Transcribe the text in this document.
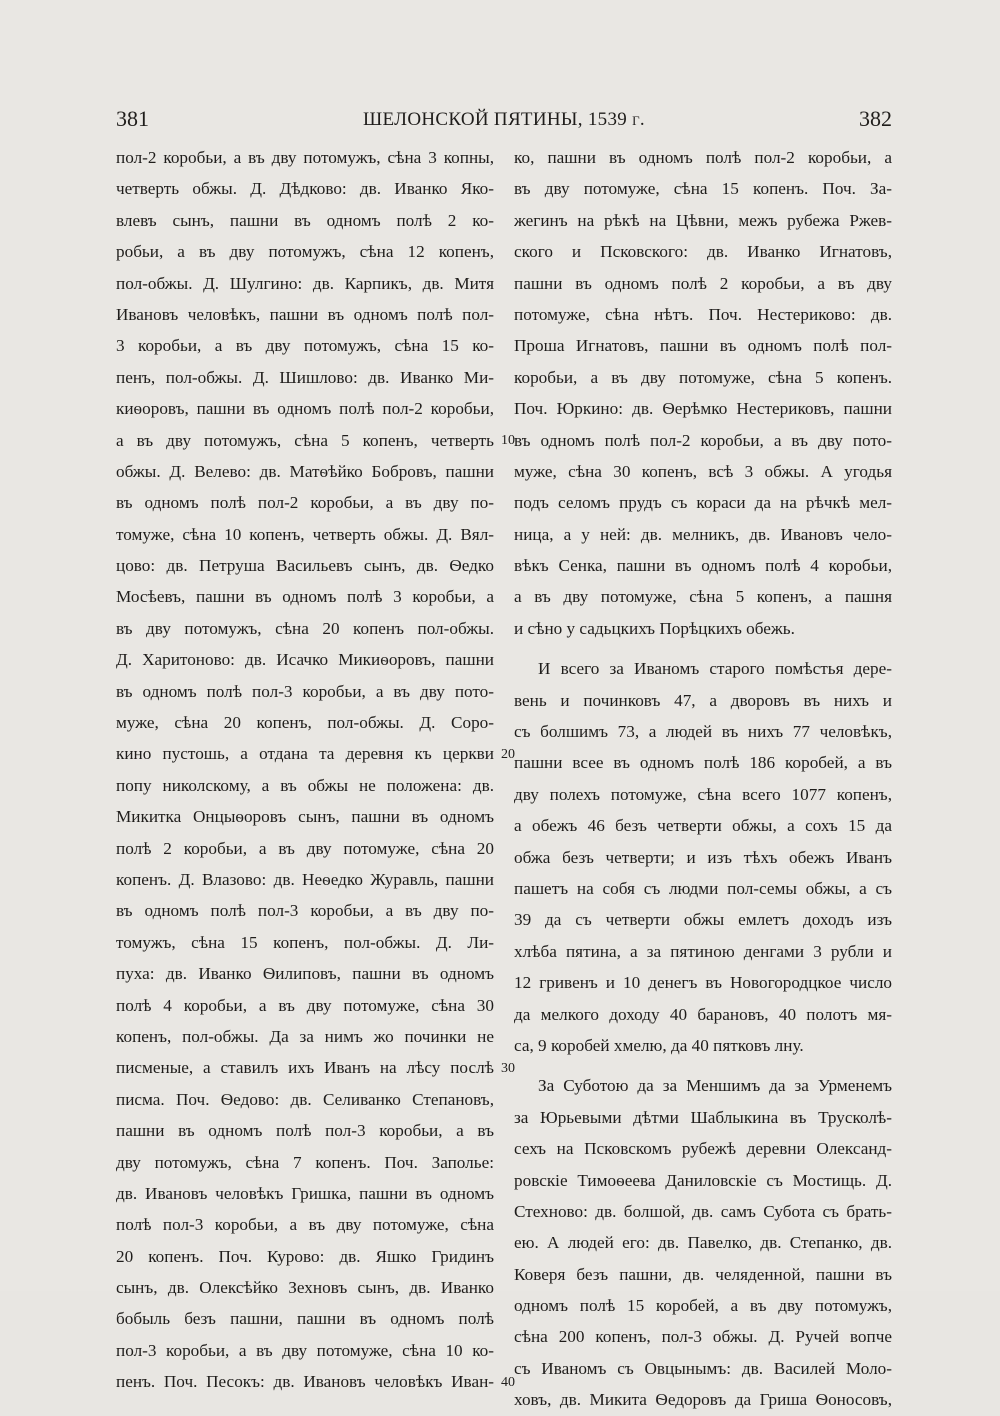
381	ШЕЛОНСКОЙ ПЯТИНЫ, 1539 г.	382
пол-2 коробьи, а въ дву потомужъ, сѣна 3 копны,
четверть обжы. Д. Дѣдково: дв. Иванко Яко-
влевъ сынъ, пашни въ одномъ полѣ 2 ко-
робьи, а въ дву потомужъ, сѣна 12 копенъ,
пол-обжы. Д. Шулгино: дв. Карпикъ, дв. Митя
Ивановъ человѣкъ, пашни въ одномъ полѣ пол-
3 коробьи, а въ дву потомужъ, сѣна 15 ко-
пенъ, пол-обжы. Д. Шишлово: дв. Иванко Ми-
киѳоровъ, пашни въ одномъ полѣ пол-2 коробьи,
а въ дву потомужъ, сѣна 5 копенъ, четверть
обжы. Д. Велево: дв. Матѳѣйко Бобровъ, пашни
въ одномъ полѣ пол-2 коробьи, а въ дву по-
томуже, сѣна 10 копенъ, четверть обжы. Д. Вял-
цово: дв. Петруша Васильевъ сынъ, дв. Ѳедко
Мосѣевъ, пашни въ одномъ полѣ 3 коробьи, а
въ дву потомужъ, сѣна 20 копенъ пол-обжы.
Д. Харитоново: дв. Исачко Микиѳоровъ, пашни
въ одномъ полѣ пол-3 коробьи, а въ дву пото-
муже, сѣна 20 копенъ, пол-обжы. Д. Соро-
кино пустошь, а отдана та деревня къ церкви
попу николскому, а въ обжы не положена: дв.
Микитка Онцыѳоровъ сынъ, пашни въ одномъ
полѣ 2 коробьи, а въ дву потомуже, сѣна 20
копенъ. Д. Влазово: дв. Неѳедко Журавль, пашни
въ одномъ полѣ пол-3 коробьи, а въ дву по-
томужъ, сѣна 15 копенъ, пол-обжы. Д. Ли-
пуха: дв. Иванко Ѳилиповъ, пашни въ одномъ
полѣ 4 коробьи, а въ дву потомуже, сѣна 30
копенъ, пол-обжы. Да за нимъ жо починки не
писменые, а ставилъ ихъ Иванъ на лѣсу послѣ
писма. Поч. Ѳедово: дв. Селиванко Степановъ,
пашни въ одномъ полѣ пол-3 коробьи, а въ
дву потомужъ, сѣна 7 копенъ. Поч. Заполье:
дв. Ивановъ человѣкъ Гришка, пашни въ одномъ
полѣ пол-3 коробьи, а въ дву потомуже, сѣна
20 копенъ. Поч. Курово: дв. Яшко Гридинъ
сынъ, дв. Олексѣйко Зехновъ сынъ, дв. Иванко
бобыль безъ пашни, пашни въ одномъ полѣ
пол-3 коробьи, а въ дву потомуже, сѣна 10 ко-
пенъ. Поч. Песокъ: дв. Ивановъ человѣкъ Иван-
ко, пашни въ одномъ полѣ пол-2 коробьи, а
въ дву потомуже, сѣна 15 копенъ. Поч. За-
жегинъ на рѣкѣ на Цѣвни, межъ рубежа Ржев-
ского и Псковского: дв. Иванко Игнатовъ,
пашни въ одномъ полѣ 2 коробьи, а въ дву
потомуже, сѣна нѣтъ. Поч. Нестериково: дв.
Проша Игнатовъ, пашни въ одномъ полѣ пол-
коробьи, а въ дву потомуже, сѣна 5 копенъ.
Поч. Юркино: дв. Ѳерѣмко Нестериковъ, пашни
въ одномъ полѣ пол-2 коробьи, а въ дву пото-
муже, сѣна 30 копенъ, всѣ 3 обжы. А угодья
подъ селомъ прудъ съ кораси да на рѣчкѣ мел-
ница, а у ней: дв. мелникъ, дв. Ивановъ чело-
вѣкъ Сенка, пашни въ одномъ полѣ 4 коробьи,
а въ дву потомуже, сѣна 5 копенъ, а пашня
и сѣно у садьцкихъ Порѣцкихъ обежь.
И всего за Иваномъ старого помѣстья дере-
вень и починковъ 47, а дворовъ въ нихъ и
съ болшимъ 73, а людей въ нихъ 77 человѣкъ,
пашни всее въ одномъ полѣ 186 коробей, а въ
дву полехъ потомуже, сѣна всего 1077 копенъ,
а обежъ 46 безъ четверти обжы, а сохъ 15 да
обжа безъ четверти; и изъ тѣхъ обежъ Иванъ
пашетъ на собя съ людми пол-семы обжы, а съ
39 да съ четверти обжы емлетъ доходъ изъ
хлѣба пятина, а за пятиною денгами 3 рубли и
12 гривенъ и 10 денегъ въ Новогородцкое число
да мелкого доходу 40 барановъ, 40 полотъ мя-
са, 9 коробей хмелю, да 40 пятковъ лну.
За Суботою да за Меншимъ да за Урменемъ
за Юрьевыми дѣтми Шаблыкина въ Трусколѣ-
сехъ на Псковскомъ рубежѣ деревни Олександ-
ровскіе Тимоѳеева Даниловскіе съ Мостищь. Д.
Стехново: дв. болшой, дв. самъ Субота съ брать-
ею. А людей его: дв. Павелко, дв. Степанко, дв.
Коверя безъ пашни, дв. челяденной, пашни въ
одномъ полѣ 15 коробей, а въ дву потомужъ,
сѣна 200 копенъ, пол-3 обжы. Д. Ручей вопче
съ Иваномъ съ Овцынымъ: дв. Василей Моло-
ховъ, дв. Микита Ѳедоровъ да Гриша Ѳоносовъ,
10
20
30
40
